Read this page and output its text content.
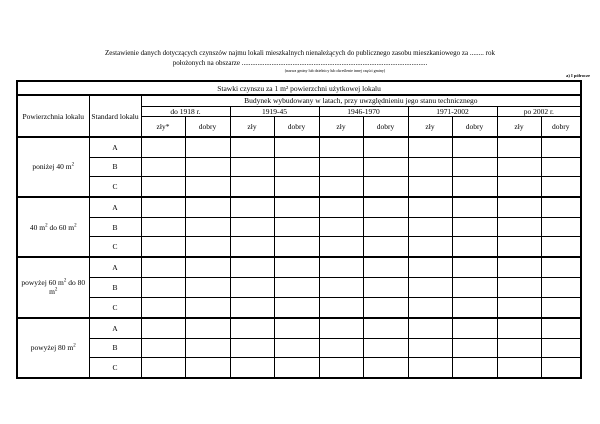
Zestawienie danych dotyczących czynszów najmu lokali mieszkalnych nienależących do publicznego zasobu mieszkaniowego za ........ rok

położonych na obszarze ..........................................................................................................
(nazwa gminy lub dzielnicy lub określenie innej części gminy)
a) I półrocze
Stawki czynszu za 1 m² powierzchni użytkowej lokalu											
Powierzchnia lokalu	Standard lokalu	Budynek wybudowany w latach, przy uwzględnieniu jego stanu technicznego									
		do 1918 r.		1919-45		1946-1970		1971-2002		po 2002 r.	
		zły*	dobry	zły	dobry	zły	dobry	zły	dobry	zły	dobry
poniżej 40 $m^2$	A										
	B										
	C										
40 $m^2$ do 60 $m^2$	A										
	B										
	C										
powyżej 60 $m^2$ do 80 $m^2$	A										
	B										
	C										
powyżej 80 $m^2$	A										
	B										
	C										
